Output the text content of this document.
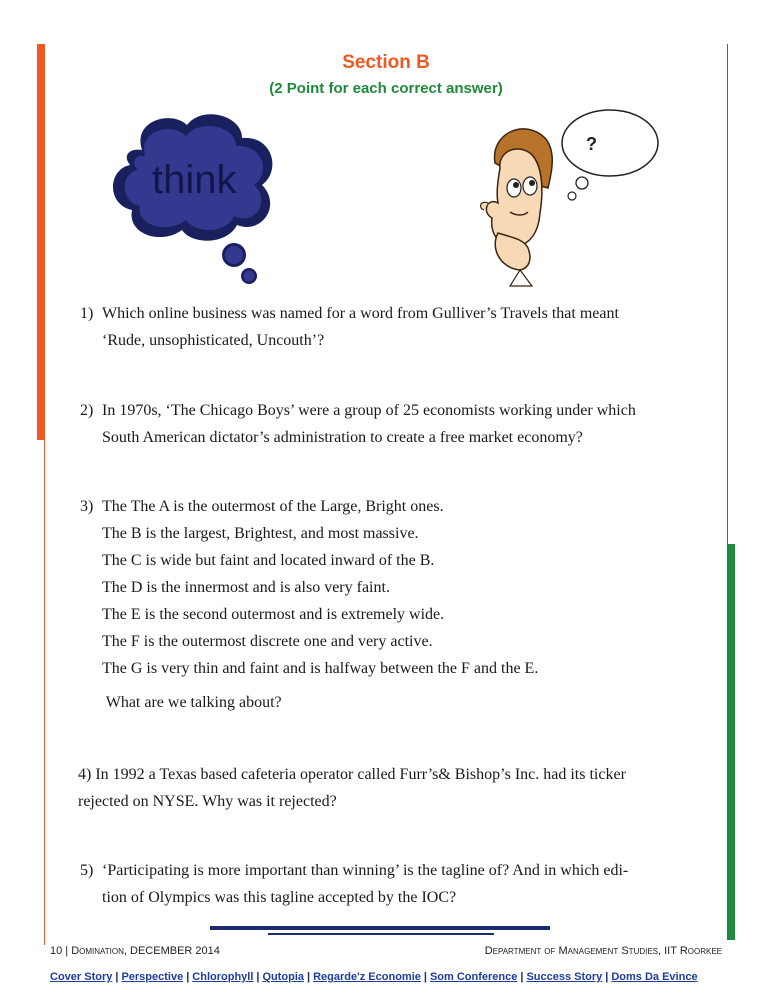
Section B
(2 Point for each correct answer)
think
?
1) Which online business was named for a word from Gulliver’s Travels that meant
‘Rude, unsophisticated, Uncouth’?
2) In 1970s, ‘The Chicago Boys’ were a group of 25 economists working under which
South American dictator’s administration to create a free market economy?
3) The The A is the outermost of the Large, Bright ones.
The B is the largest, Brightest, and most massive.
The C is wide but faint and located inward of the B.
The D is the innermost and is also very faint.
The E is the second outermost and is extremely wide.
The F is the outermost discrete one and very active.
The G is very thin and faint and is halfway between the F and the E.
What are we talking about?
4) In 1992 a Texas based cafeteria operator called Furr’s& Bishop’s Inc. had its ticker
rejected on NYSE. Why was it rejected?
5) ‘Participating is more important than winning’ is the tagline of? And in which edi-
tion of Olympics was this tagline accepted by the IOC?
10 | Domination, DECEMBER 2014	Department of Management Studies, IIT Roorkee
Cover Story | Perspective | Chlorophyll | Qutopia | Regarde'z Economie | Som Conference | Success Story | Doms Da Evince
